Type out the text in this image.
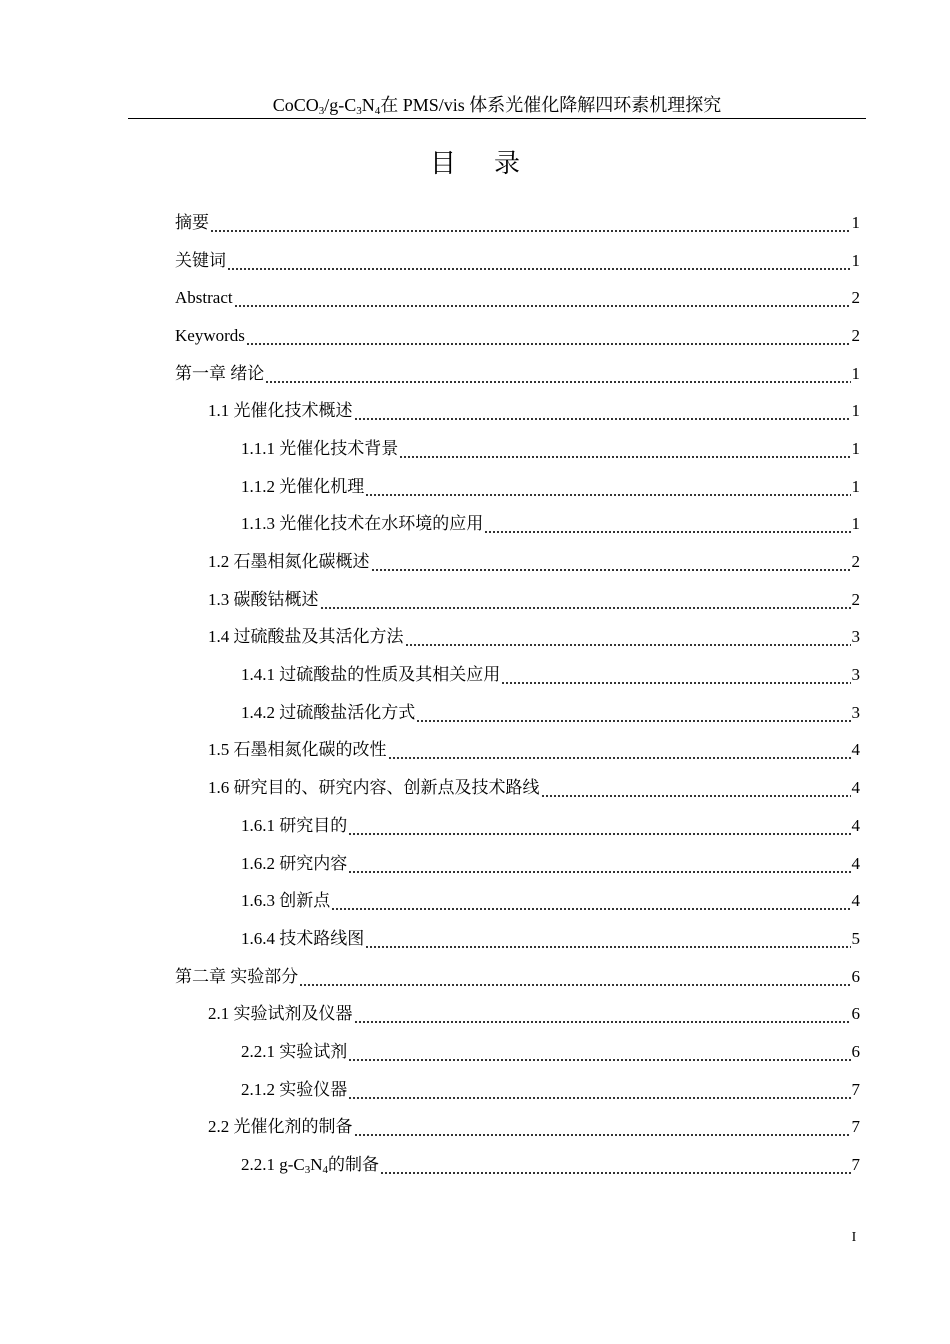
$CoCO_3/g-C_3N_4$在 PMS/vis 体系光催化降解四环素机理探究
目录
摘要	1
关键词	1
Abstract	2
Keywords	2
第一章 绪论	1
1.1 光催化技术概述	1
1.1.1 光催化技术背景	1
1.1.2 光催化机理	1
1.1.3 光催化技术在水环境的应用	1
1.2 石墨相氮化碳概述	2
1.3 碳酸钴概述	2
1.4 过硫酸盐及其活化方法	3
1.4.1 过硫酸盐的性质及其相关应用	3
1.4.2 过硫酸盐活化方式	3
1.5 石墨相氮化碳的改性	4
1.6 研究目的、研究内容、创新点及技术路线	4
1.6.1 研究目的	4
1.6.2 研究内容	4
1.6.3 创新点	4
1.6.4 技术路线图	5
第二章 实验部分	6
2.1 实验试剂及仪器	6
2.2.1 实验试剂	6
2.1.2 实验仪器	7
2.2 光催化剂的制备	7
2.2.1 $g-C_3N_4$的制备	7
I
